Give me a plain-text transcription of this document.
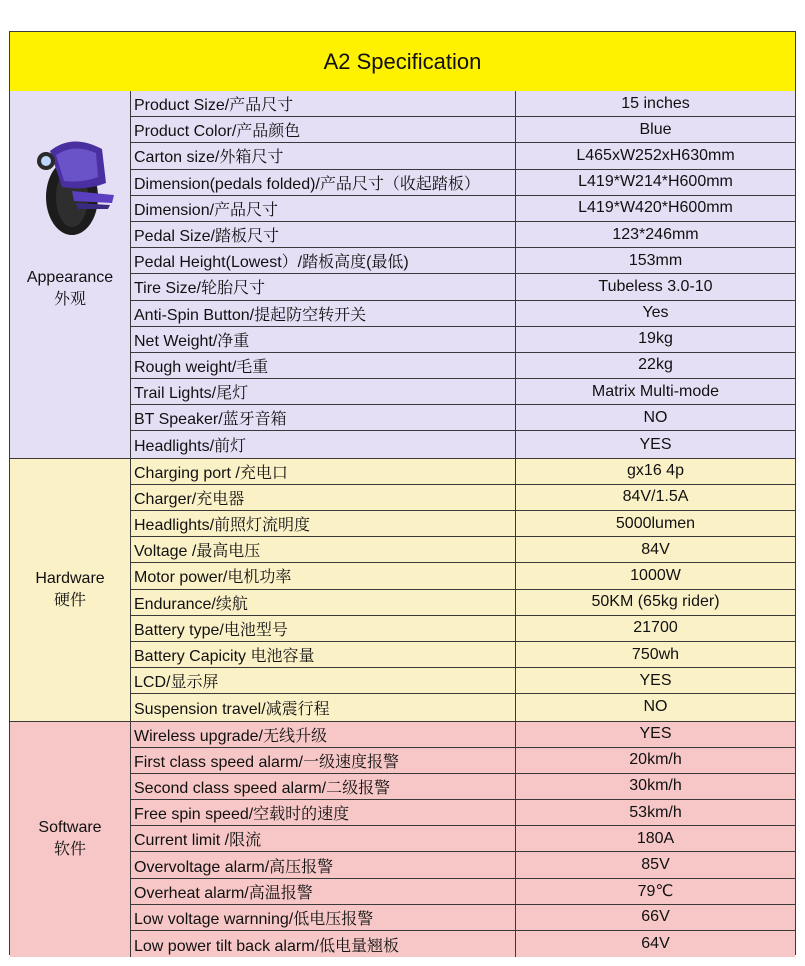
A2 Specification
Appearance
外观
Product Size/产品尺寸	15 inches
Product Color/产品颜色	Blue
Carton size/外箱尺寸	L465xW252xH630mm
Dimension(pedals folded)/产品尺寸（收起踏板）	L419*W214*H600mm
Dimension/产品尺寸	L419*W420*H600mm
Pedal Size/踏板尺寸	123*246mm
Pedal Height(Lowest）/踏板高度(最低)	153mm
Tire Size/轮胎尺寸	Tubeless 3.0-10
Anti-Spin Button/提起防空转开关	Yes
Net Weight/净重	19kg
Rough weight/毛重	22kg
Trail Lights/尾灯	Matrix Multi-mode
BT Speaker/蓝牙音箱	NO
Headlights/前灯	YES
Hardware
硬件
Charging port /充电口	gx16 4p
Charger/充电器	84V/1.5A
Headlights/前照灯流明度	5000lumen
Voltage /最高电压	84V
Motor power/电机功率	1000W
Endurance/续航	50KM (65kg rider)
Battery type/电池型号	21700
Battery Capicity 电池容量	750wh
LCD/显示屏	YES
Suspension travel/减震行程	NO
Software
软件
Wireless upgrade/无线升级	YES
First class speed alarm/一级速度报警	20km/h
Second class speed alarm/二级报警	30km/h
Free spin speed/空载时的速度	53km/h
Current limit /限流	180A
Overvoltage alarm/高压报警	85V
Overheat alarm/高温报警	79℃
Low voltage warnning/低电压报警	66V
Low power tilt back alarm/低电量翘板	64V
